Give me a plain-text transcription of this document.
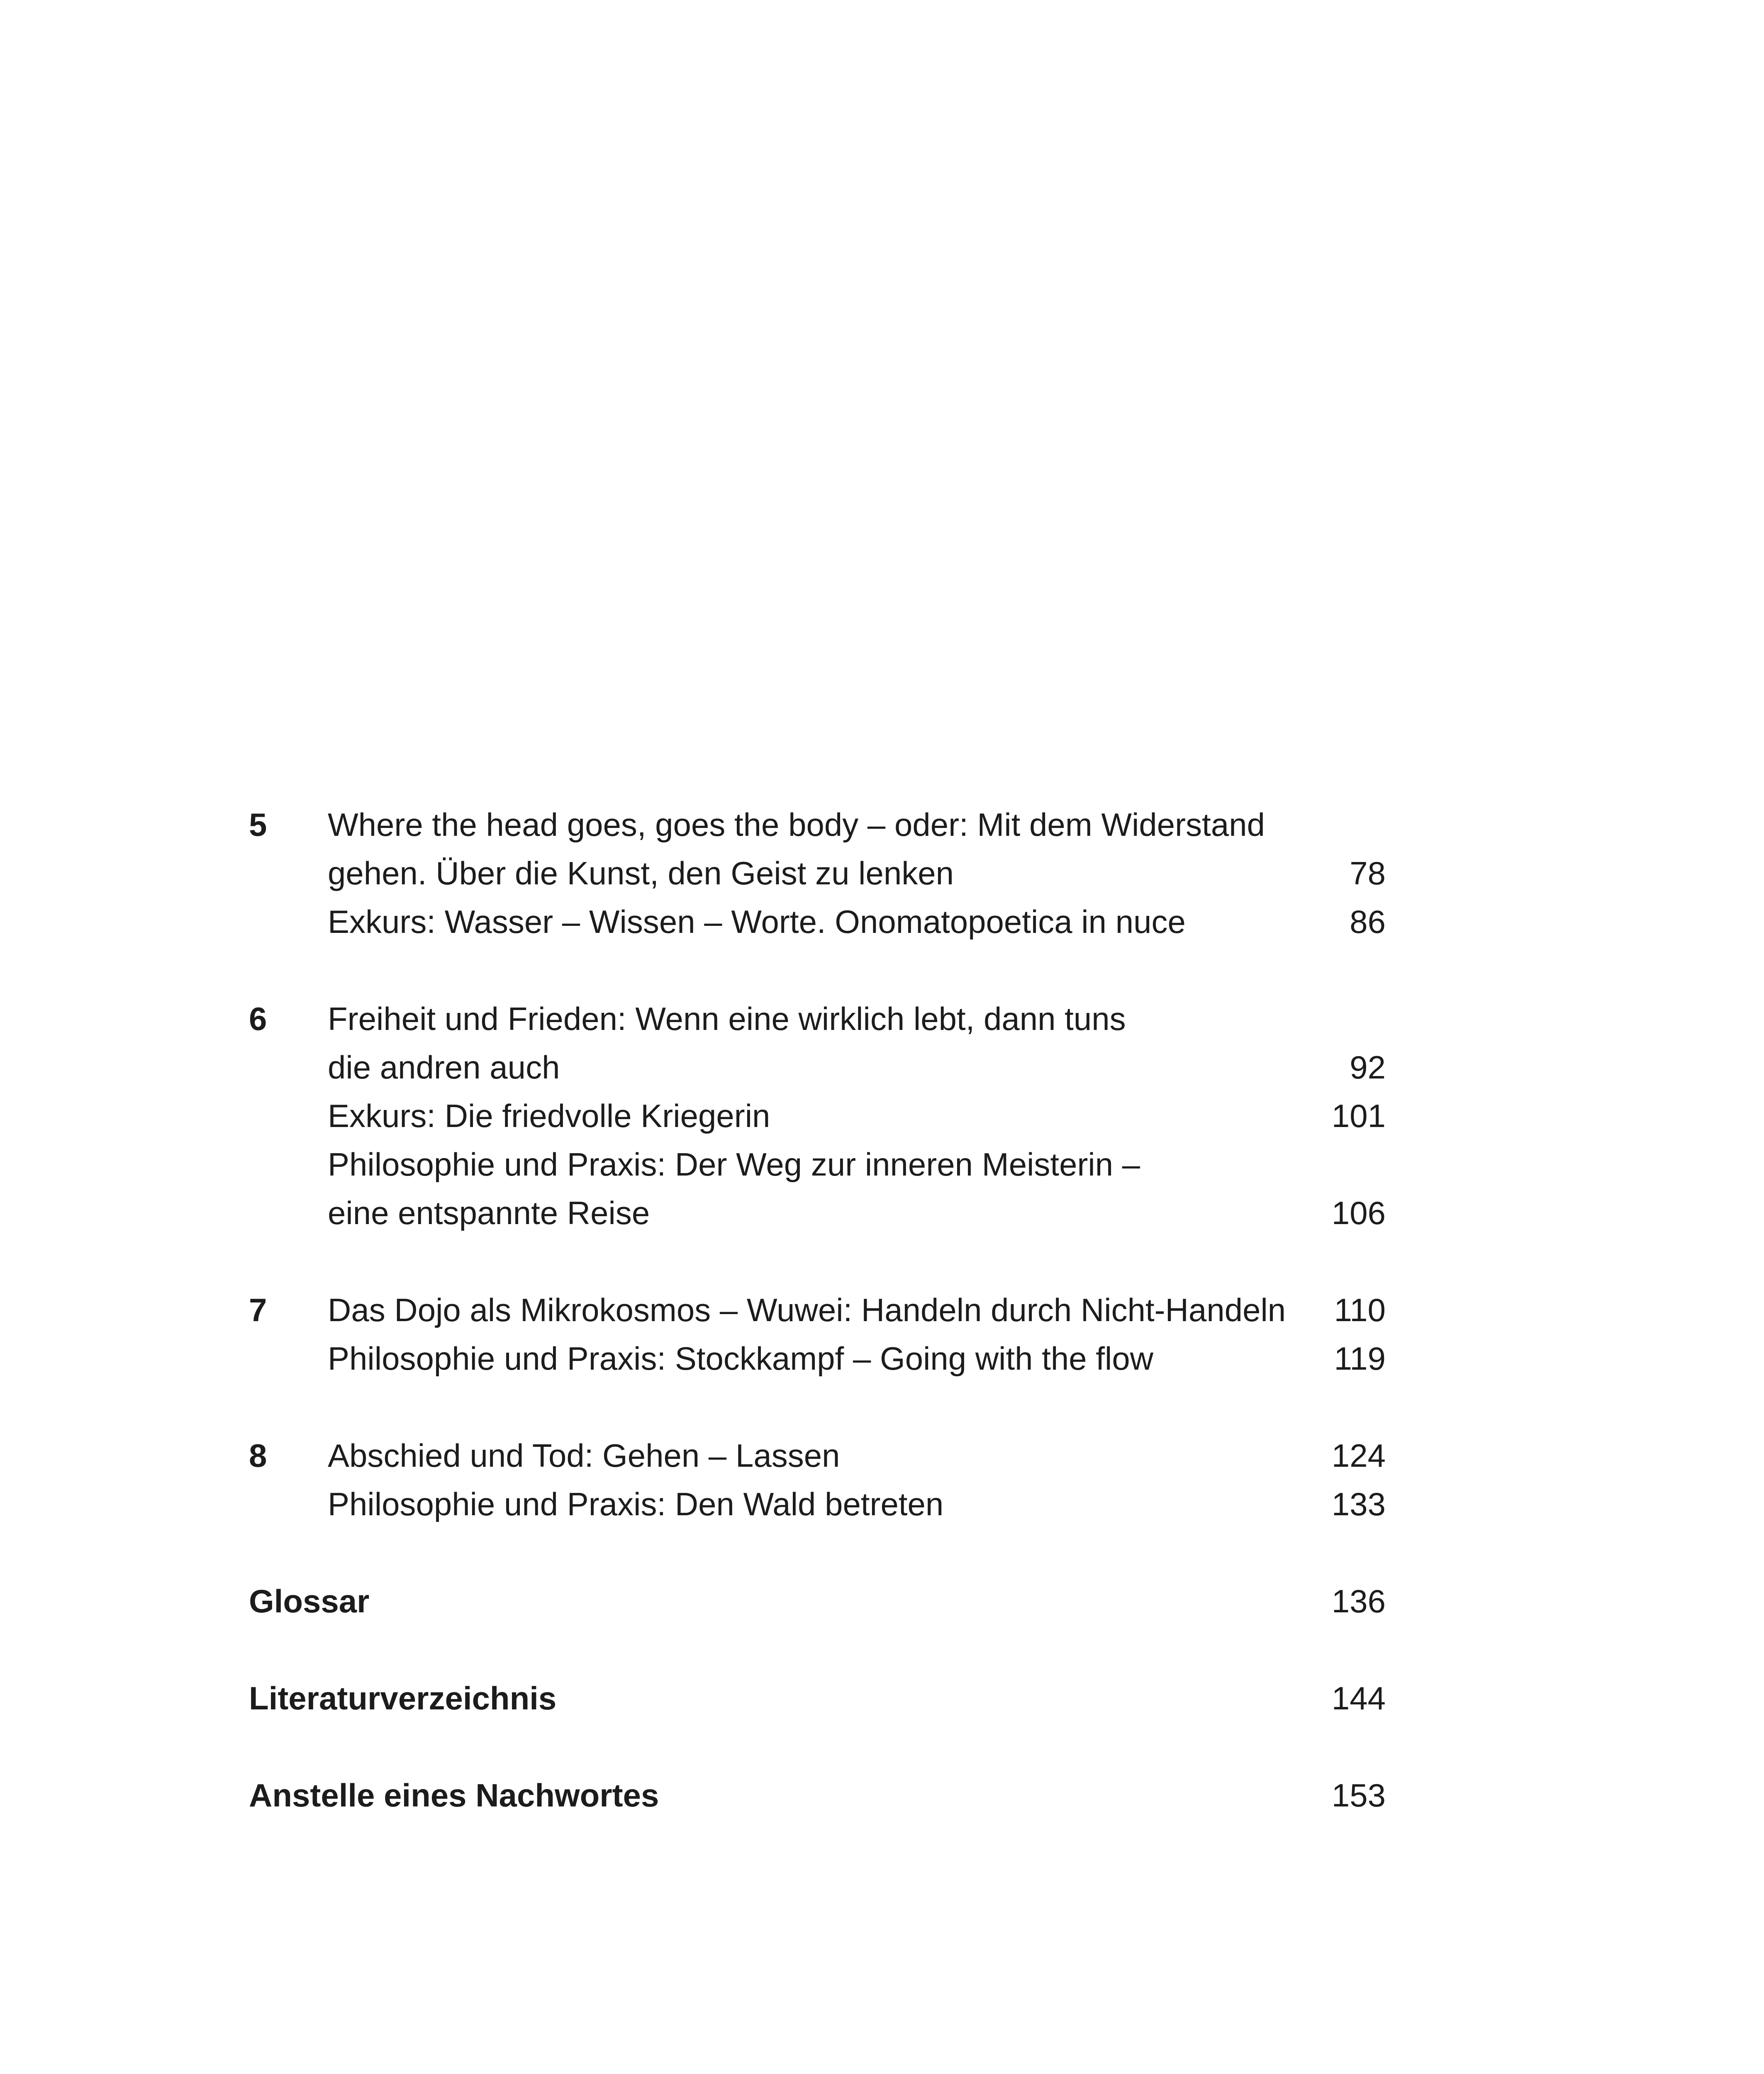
5	Where the head goes, goes the body – oder: Mit dem Widerstand
gehen. Über die Kunst, den Geist zu lenken	78
Exkurs: Wasser – Wissen – Worte. Onomatopoetica in nuce	86
6	Freiheit und Frieden: Wenn eine wirklich lebt, dann tuns
die andren auch	92
Exkurs: Die friedvolle Kriegerin	101
Philosophie und Praxis: Der Weg zur inneren Meisterin –
eine entspannte Reise	106
7	Das Dojo als Mikrokosmos – Wuwei: Handeln durch Nicht-Handeln	110
Philosophie und Praxis: Stockkampf – Going with the flow	119
8	Abschied und Tod: Gehen – Lassen	124
Philosophie und Praxis: Den Wald betreten	133
Glossar	136
Literaturverzeichnis	144
Anstelle eines Nachwortes	153
